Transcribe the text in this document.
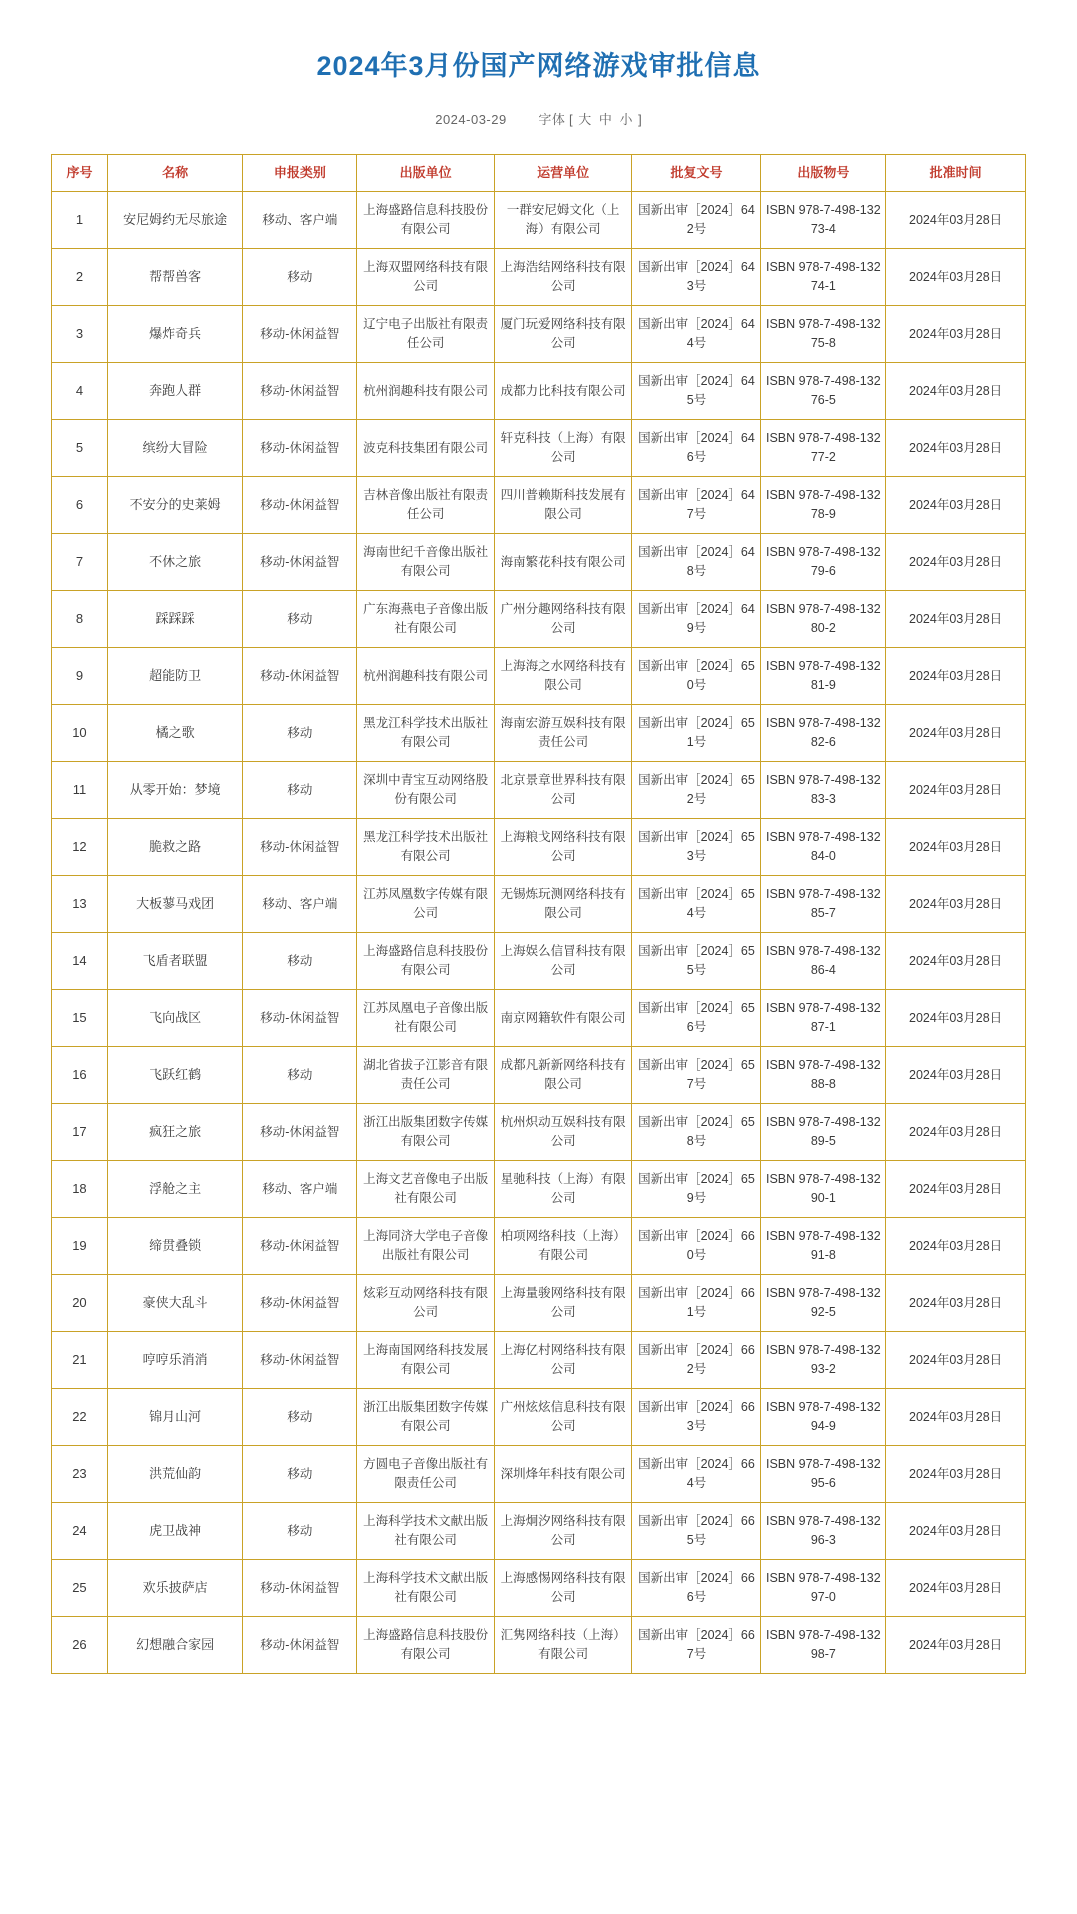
2024年3月份国产网络游戏审批信息
2024-03-29 字体 [ 大 中 小 ]
序号	名称	申报类别	出版单位	运营单位	批复文号	出版物号	批准时间
1	安尼姆约无尽旅途	移动、客户端	上海盛路信息科技股份有限公司	一群安尼姆文化（上海）有限公司	国新出审［2024］642号	ISBN 978-7-498-13273-4	2024年03月28日
2	帮帮兽客	移动	上海双盟网络科技有限公司	上海浩结网络科技有限公司	国新出审［2024］643号	ISBN 978-7-498-13274-1	2024年03月28日
3	爆炸奇兵	移动-休闲益智	辽宁电子出版社有限责任公司	厦门玩爱网络科技有限公司	国新出审［2024］644号	ISBN 978-7-498-13275-8	2024年03月28日
4	奔跑人群	移动-休闲益智	杭州润趣科技有限公司	成都力比科技有限公司	国新出审［2024］645号	ISBN 978-7-498-13276-5	2024年03月28日
5	缤纷大冒险	移动-休闲益智	波克科技集团有限公司	轩克科技（上海）有限公司	国新出审［2024］646号	ISBN 978-7-498-13277-2	2024年03月28日
6	不安分的史莱姆	移动-休闲益智	吉林音像出版社有限责任公司	四川普赖斯科技发展有限公司	国新出审［2024］647号	ISBN 978-7-498-13278-9	2024年03月28日
7	不休之旅	移动-休闲益智	海南世纪千音像出版社有限公司	海南繁花科技有限公司	国新出审［2024］648号	ISBN 978-7-498-13279-6	2024年03月28日
8	踩踩踩	移动	广东海燕电子音像出版社有限公司	广州分趣网络科技有限公司	国新出审［2024］649号	ISBN 978-7-498-13280-2	2024年03月28日
9	超能防卫	移动-休闲益智	杭州润趣科技有限公司	上海海之水网络科技有限公司	国新出审［2024］650号	ISBN 978-7-498-13281-9	2024年03月28日
10	橘之歌	移动	黑龙江科学技术出版社有限公司	海南宏游互娱科技有限责任公司	国新出审［2024］651号	ISBN 978-7-498-13282-6	2024年03月28日
11	从零开始：梦境	移动	深圳中青宝互动网络股份有限公司	北京景章世界科技有限公司	国新出审［2024］652号	ISBN 978-7-498-13283-3	2024年03月28日
12	脆救之路	移动-休闲益智	黑龙江科学技术出版社有限公司	上海粮戈网络科技有限公司	国新出审［2024］653号	ISBN 978-7-498-13284-0	2024年03月28日
13	大板蓼马戏团	移动、客户端	江苏凤凰数字传媒有限公司	无锡炼玩测网络科技有限公司	国新出审［2024］654号	ISBN 978-7-498-13285-7	2024年03月28日
14	飞盾者联盟	移动	上海盛路信息科技股份有限公司	上海娱么信冒科技有限公司	国新出审［2024］655号	ISBN 978-7-498-13286-4	2024年03月28日
15	飞向战区	移动-休闲益智	江苏凤凰电子音像出版社有限公司	南京网籍软件有限公司	国新出审［2024］656号	ISBN 978-7-498-13287-1	2024年03月28日
16	飞跃红鹤	移动	湖北省拔子江影音有限责任公司	成都凡新新网络科技有限公司	国新出审［2024］657号	ISBN 978-7-498-13288-8	2024年03月28日
17	疯狂之旅	移动-休闲益智	浙江出版集团数字传媒有限公司	杭州炽动互娱科技有限公司	国新出审［2024］658号	ISBN 978-7-498-13289-5	2024年03月28日
18	浮舱之主	移动、客户端	上海文艺音像电子出版社有限公司	星驰科技（上海）有限公司	国新出审［2024］659号	ISBN 978-7-498-13290-1	2024年03月28日
19	缔贯叠锁	移动-休闲益智	上海同济大学电子音像出版社有限公司	柏项网络科技（上海）有限公司	国新出审［2024］660号	ISBN 978-7-498-13291-8	2024年03月28日
20	豪侠大乱斗	移动-休闲益智	炫彩互动网络科技有限公司	上海量骏网络科技有限公司	国新出审［2024］661号	ISBN 978-7-498-13292-5	2024年03月28日
21	哼哼乐消消	移动-休闲益智	上海南国网络科技发展有限公司	上海亿村网络科技有限公司	国新出审［2024］662号	ISBN 978-7-498-13293-2	2024年03月28日
22	锦月山河	移动	浙江出版集团数字传媒有限公司	广州炫炫信息科技有限公司	国新出审［2024］663号	ISBN 978-7-498-13294-9	2024年03月28日
23	洪荒仙韵	移动	方圆电子音像出版社有限责任公司	深圳烽年科技有限公司	国新出审［2024］664号	ISBN 978-7-498-13295-6	2024年03月28日
24	虎卫战神	移动	上海科学技术文献出版社有限公司	上海炯汐网络科技有限公司	国新出审［2024］665号	ISBN 978-7-498-13296-3	2024年03月28日
25	欢乐披萨店	移动-休闲益智	上海科学技术文献出版社有限公司	上海感惕网络科技有限公司	国新出审［2024］666号	ISBN 978-7-498-13297-0	2024年03月28日
26	幻想融合家园	移动-休闲益智	上海盛路信息科技股份有限公司	汇隽网络科技（上海）有限公司	国新出审［2024］667号	ISBN 978-7-498-13298-7	2024年03月28日
